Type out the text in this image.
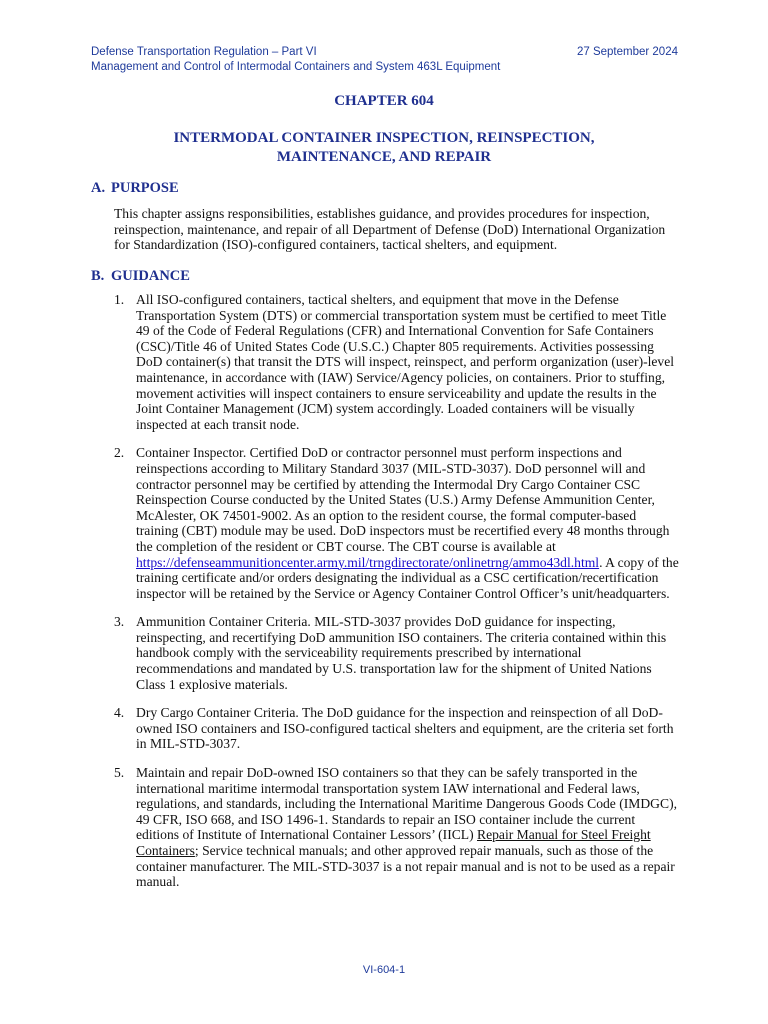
Defense Transportation Regulation – Part VI
Management and Control of Intermodal Containers and System 463L Equipment
27 September 2024
CHAPTER 604
INTERMODAL CONTAINER INSPECTION, REINSPECTION,
MAINTENANCE, AND REPAIR
A. PURPOSE
This chapter assigns responsibilities, establishes guidance, and provides procedures for inspection, reinspection, maintenance, and repair of all Department of Defense (DoD) International Organization for Standardization (ISO)-configured containers, tactical shelters, and equipment.
B. GUIDANCE
1. All ISO-configured containers, tactical shelters, and equipment that move in the Defense Transportation System (DTS) or commercial transportation system must be certified to meet Title 49 of the Code of Federal Regulations (CFR) and International Convention for Safe Containers (CSC)/Title 46 of United States Code (U.S.C.) Chapter 805 requirements. Activities possessing DoD container(s) that transit the DTS will inspect, reinspect, and perform organization (user)-level maintenance, in accordance with (IAW) Service/Agency policies, on containers. Prior to stuffing, movement activities will inspect containers to ensure serviceability and update the results in the Joint Container Management (JCM) system accordingly. Loaded containers will be visually inspected at each transit node.
2. Container Inspector. Certified DoD or contractor personnel must perform inspections and reinspections according to Military Standard 3037 (MIL-STD-3037). DoD personnel will and contractor personnel may be certified by attending the Intermodal Dry Cargo Container CSC Reinspection Course conducted by the United States (U.S.) Army Defense Ammunition Center, McAlester, OK 74501-9002. As an option to the resident course, the formal computer-based training (CBT) module may be used. DoD inspectors must be recertified every 48 months through the completion of the resident or CBT course. The CBT course is available at https://defenseammunitioncenter.army.mil/trngdirectorate/onlinetrng/ammo43dl.html. A copy of the training certificate and/or orders designating the individual as a CSC certification/recertification inspector will be retained by the Service or Agency Container Control Officer’s unit/headquarters.
3. Ammunition Container Criteria. MIL-STD-3037 provides DoD guidance for inspecting, reinspecting, and recertifying DoD ammunition ISO containers. The criteria contained within this handbook comply with the serviceability requirements prescribed by international recommendations and mandated by U.S. transportation law for the shipment of United Nations Class 1 explosive materials.
4. Dry Cargo Container Criteria. The DoD guidance for the inspection and reinspection of all DoD-owned ISO containers and ISO-configured tactical shelters and equipment, are the criteria set forth in MIL-STD-3037.
5. Maintain and repair DoD-owned ISO containers so that they can be safely transported in the international maritime intermodal transportation system IAW international and Federal laws, regulations, and standards, including the International Maritime Dangerous Goods Code (IMDGC), 49 CFR, ISO 668, and ISO 1496-1. Standards to repair an ISO container include the current editions of Institute of International Container Lessors’ (IICL) Repair Manual for Steel Freight Containers; Service technical manuals; and other approved repair manuals, such as those of the container manufacturer. The MIL-STD-3037 is a not repair manual and is not to be used as a repair manual.
VI-604-1
